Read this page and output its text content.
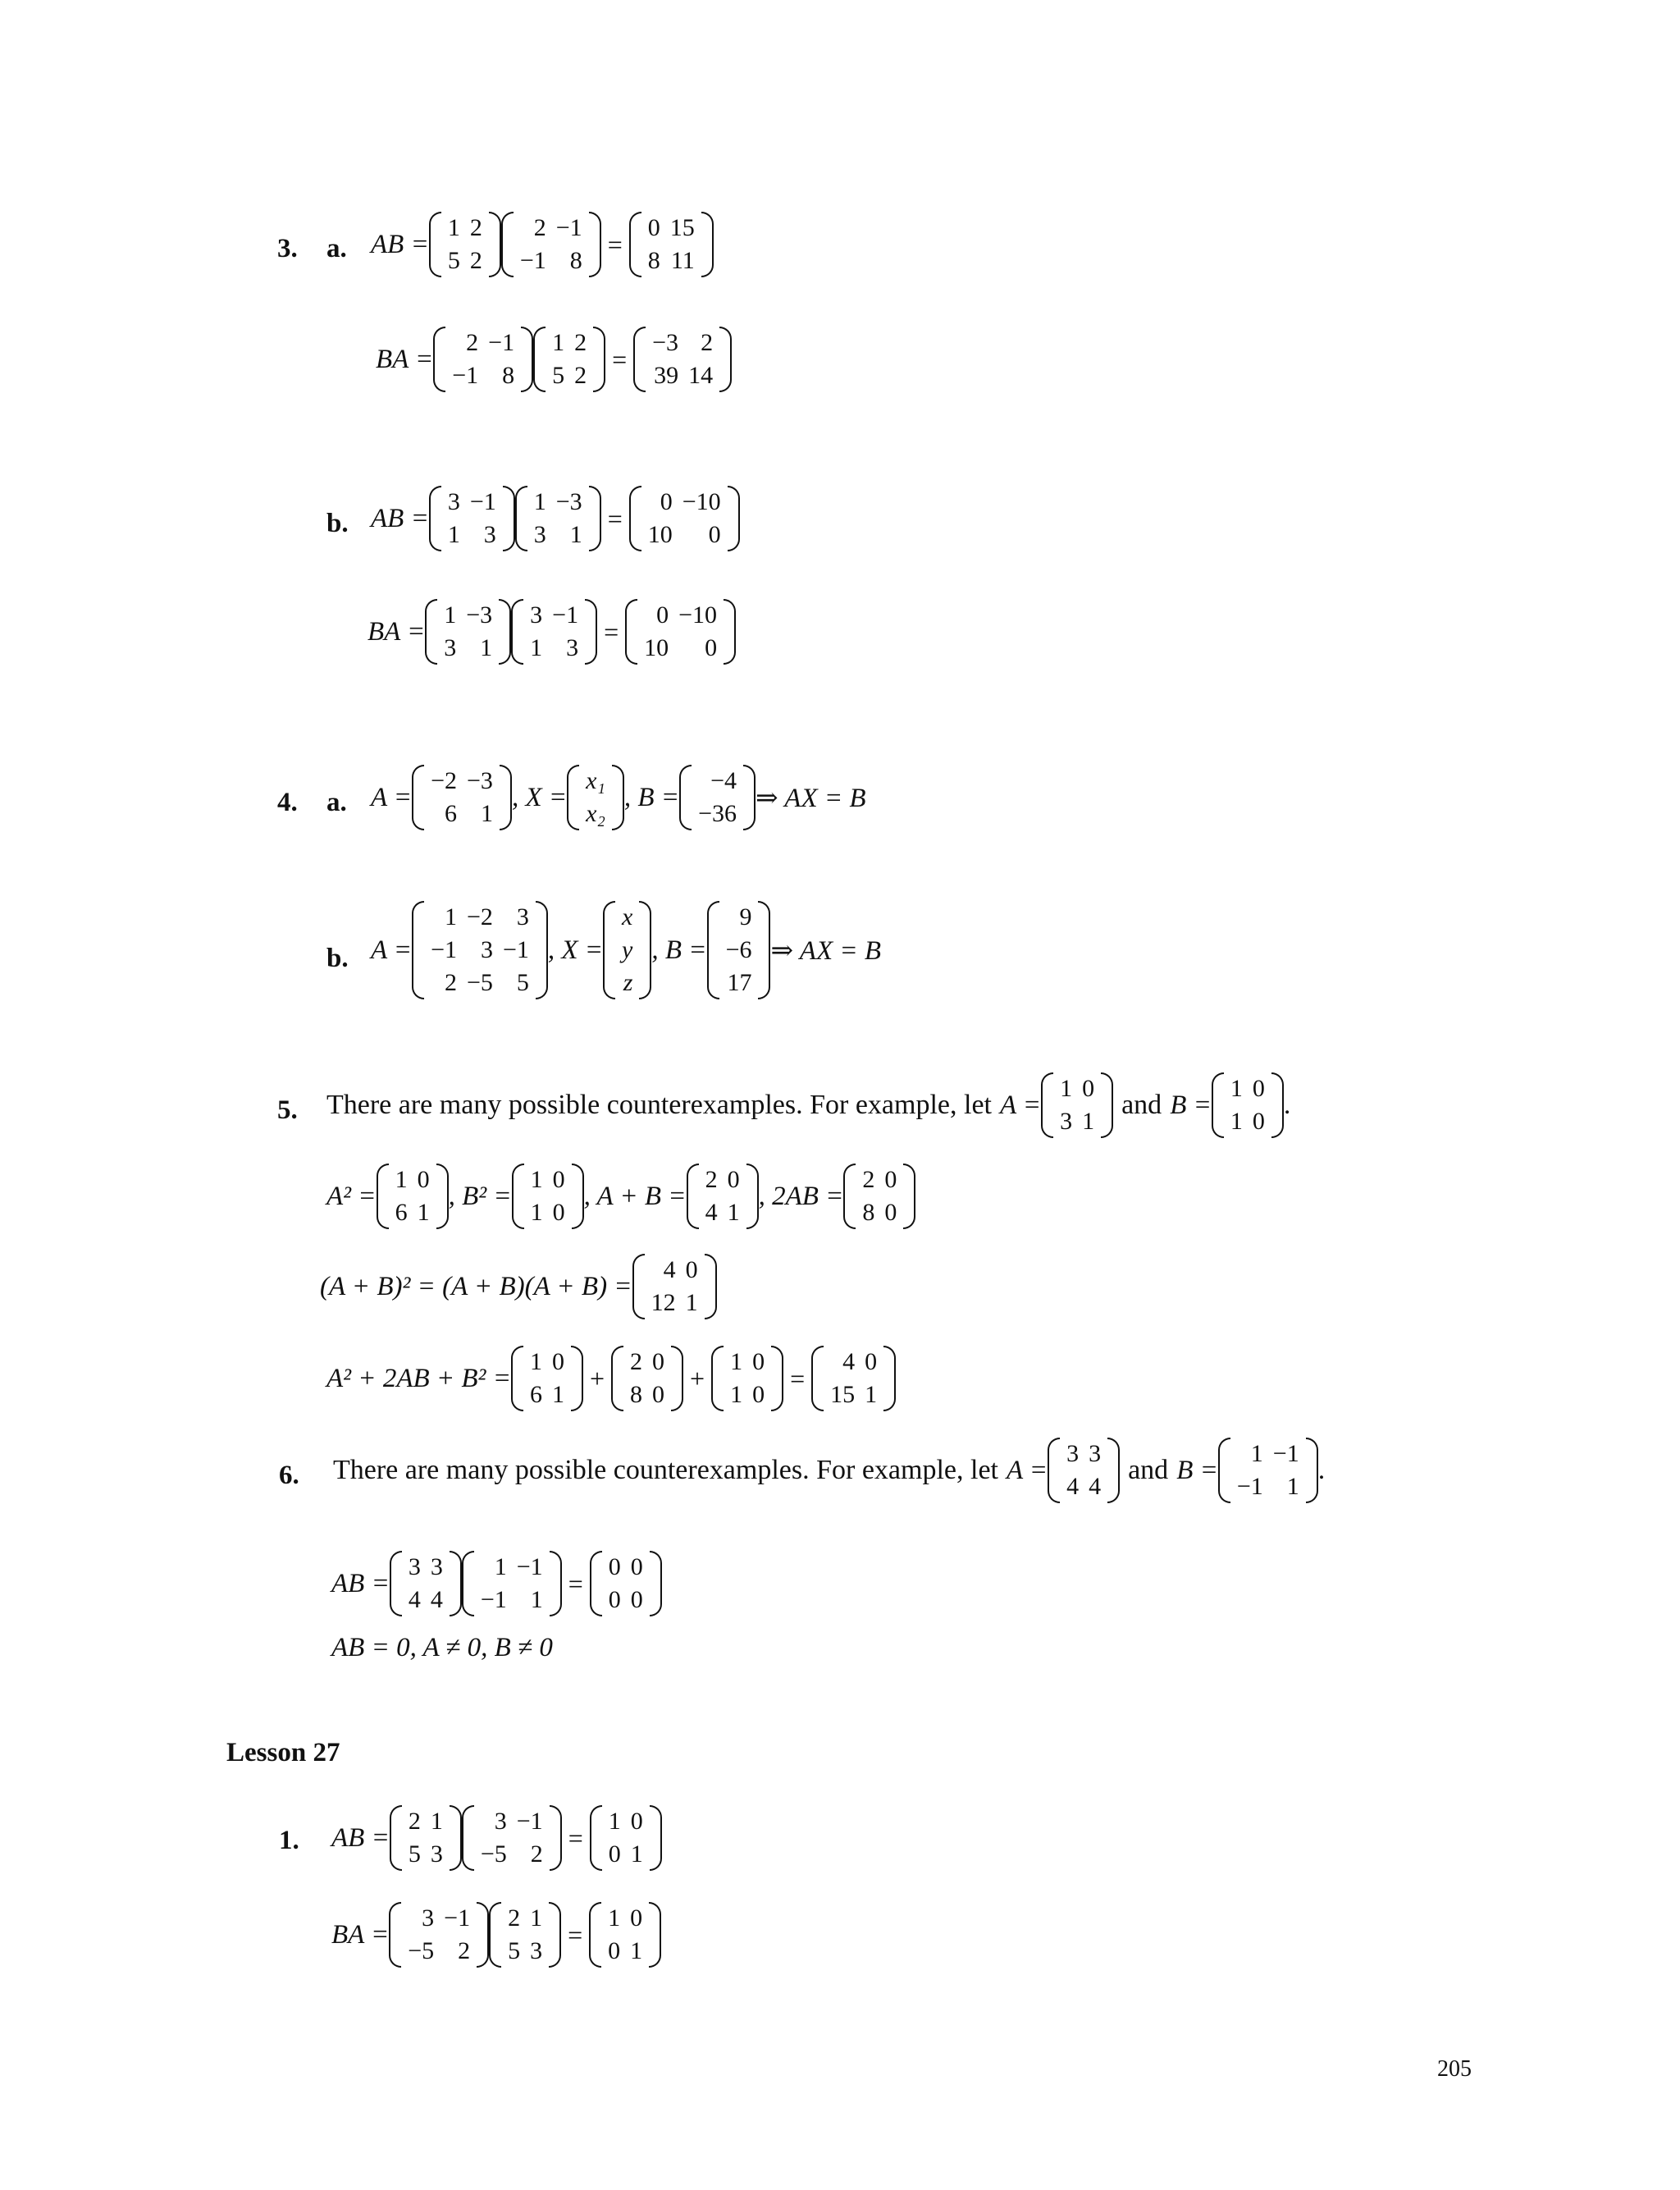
3. a. AB =
1 2
5 2
2 −1
−1 8
=
0 15
8 11
BA =
2 −1
−1 8
1 2
5 2
=
−3 2
39 14
b. AB =
3 −1
1 3
1 −3
3 1
=
0 −10
10	0
BA =
1 −3
3 1
3 −1
1 3
=
0 −10
10	0
4. a. A =
−2 −3
6 1
, X =
x₁
x₂
, B =
−4
−36
⇒ AX = B
b. A =
1 −2 3
−1 3 −1
2 −5 5
, X =
x
y
z
, B =
9
−6
17
⇒ AX = B
5. There are many possible counterexamples. For example, let A =
1 0
3 1
and B =
1 0
1 0
.
A² =
1 0
6 1
, B² =
1 0
1 0
, A + B =
2 0
4 1
, 2AB =
2 0
8 0
(A + B)² = (A + B)(A + B) =
4 0
12 1
A² + 2AB + B² =
1 0
6 1
+
2 0
8 0
+
1 0
1 0
=
4 0
15 1
6. There are many possible counterexamples. For example, let A =
3 3
4 4
and B =
1 −1
−1 1
.
AB =
3 3
4 4
1 −1
−1 1
=
0 0
0 0
AB = 0, A ≠ 0, B ≠ 0
Lesson 27
1. AB =
2 1
5 3
3 −1
−5 2
=
1 0
0 1
BA =
3 −1
−5 2
2 1
5 3
=
1 0
0 1
205
